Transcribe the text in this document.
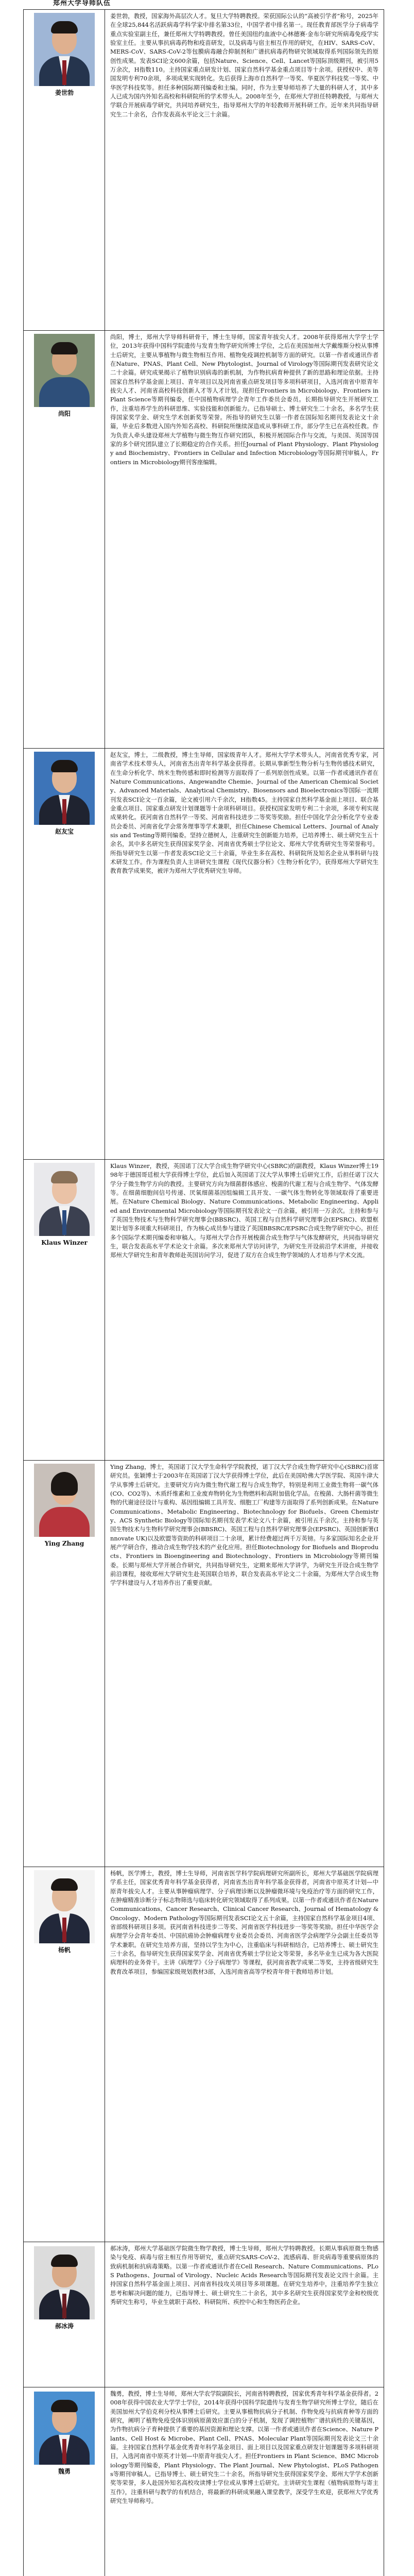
郑州大学导师队伍
姜世勃	姜世勃，教授，国家海外高层次人才。复旦大学特聘教授。荣获国际公认的“高被引学者”称号，2025年在全球25,844名活跃病毒学科学家中排名第33位，中国学者中排名第一。现任教育部医学分子病毒学重点实验室副主任，兼任郑州大学特聘教授。曾任美国纽约血液中心林德赛·金布尔研究所病毒免疫学实验室主任。主要从事抗病毒药物和疫苗研发，以及病毒与宿主相互作用的研究，在HIV、SARS-CoV、MERS-CoV、SARS-CoV-2等包膜病毒融合抑制剂和广谱抗病毒药物研究领域取得系列国际领先的原创性成果。发表SCI论文600余篇，包括Nature、Science、Cell、Lancet等国际顶级期刊，被引用5万余次，H指数110。主持国家重点研发计划、国家自然科学基金重点项目等十余项。获授权中、美等国发明专利70余项，多项成果实现转化。先后获得上海市自然科学一等奖、华夏医学科技奖一等奖、中华医学科技奖等。担任多种国际期刊编委和主编。同时，作为主要导师培养了大量的科研人才，其中多人已成为国内外知名高校和科研院所的学术带头人。2008年至今，在郑州大学担任特聘教授，与郑州大学联合开展病毒学研究，共同培养研究生，指导郑州大学的年轻教师开展科研工作。近年来共同指导研究生二十余名，合作发表高水平论文三十余篇。

尚阳	尚阳，博士，郑州大学导师科研骨干，博士生导师，国家青年拔尖人才。2008年获得郑州大学学士学位，2013年获得中国科学院遗传与发育生物学研究所博士学位，之后在美国加州大学戴维斯分校从事博士后研究，主要从事植物与微生物相互作用、植物免疫调控机制等方面的研究。以第一作者或通讯作者在Nature、PNAS、Plant Cell、New Phytologist、Journal of Virology等国际期刊发表研究论文二十余篇。研究成果揭示了植物识别病毒的新机制，为作物抗病育种提供了新的思路和理论依据。主持国家自然科学基金面上项目、青年项目以及河南省重点研发项目等多项科研项目，入选河南省中原青年拔尖人才、河南省高校科技创新人才等人才计划。现担任Frontiers in Microbiology、Frontiers in Plant Science等期刊编委，任中国植物病理学会青年工作委员会委员。长期指导研究生开展研究工作，注重培养学生的科研思维、实验技能和创新能力。已指导硕士、博士研究生二十余名，多名学生获得国家奖学金、研究生学术创新奖等荣誉。所指导的研究生以第一作者在国际知名期刊发表论文十余篇，毕业后多数进入国内外知名高校、科研院所继续深造或从事科研工作，部分学生已在高校任教。作为负责人牵头建设郑州大学植物与微生物互作研究团队，积极开展国际合作与交流，与美国、英国等国家的多个研究团队建立了长期稳定的合作关系。担任Journal of Plant Physiology、Plant Physiology and Biochemistry、Frontiers in Cellular and Infection Microbiology等国际期刊审稿人，Frontiers in Microbiology期刊客座编辑。

赵友宝	赵友宝，博士，二级教授，博士生导师，国家级青年人才。郑州大学学术带头人，河南省优秀专家，河南省学术技术带头人，河南省杰出青年科学基金获得者。长期从事新型生物分析与生物传感技术研究，在生命分析化学、纳米生物传感和即时检测等方面取得了一系列原创性成果。以第一作者或通讯作者在Nature Communications、Angewandte Chemie、Journal of the American Chemical Society、Advanced Materials、Analytical Chemistry、Biosensors and Bioelectronics等国际一流期刊发表SCI论文一百余篇，论文被引用六千余次，H指数45。主持国家自然科学基金面上项目、联合基金重点项目、国家重点研发计划课题等十余项科研项目。获授权国家发明专利二十余项，多项专利实现成果转化。获河南省自然科学一等奖、河南省科技进步二等奖等奖励。担任中国化学会分析化学专业委员会委员、河南省化学会常务理事等学术兼职，担任Chinese Chemical Letters、Journal of Analysis and Testing等期刊编委。坚持立德树人，注重研究生创新能力培养，已培养博士、硕士研究生五十余名，其中多名研究生获得国家奖学金、河南省优秀硕士学位论文、郑州大学优秀研究生等荣誉称号。所指导研究生以第一作者发表SCI论文三十余篇，毕业生多在高校、科研院所及知名企业从事科研与技术研发工作。作为课程负责人主讲研究生课程《现代仪器分析》《生物分析化学》，获得郑州大学研究生教育教学成果奖，被评为郑州大学优秀研究生导师。

Klaus Winzer	Klaus Winzer，教授，英国诺丁汉大学合成生物学研究中心(SBRC)的副教授，Klaus Winzer博士1998年于德国哥廷根大学获得博士学位，此后加入英国诺丁汉大学从事博士后研究工作，后担任诺丁汉大学分子微生物学方向的教授。主要研究方向为细菌群体感应、梭菌的代谢工程与合成生物学、气体发酵等。在细菌细胞间信号传递、厌氧细菌基因组编辑工具开发、一碳气体生物转化等领域取得了重要进展。在Nature Chemical Biology、Nature Communications、Metabolic Engineering、Applied and Environmental Microbiology等国际期刊发表论文一百余篇，被引用一万余次。主持和参与了英国生物技术与生物科学研究理事会(BBSRC)、英国工程与自然科学研究理事会(EPSRC)、欧盟框架计划等多项重大科研项目，作为核心成员参与建设了英国BBSRC/EPSRC合成生物学研究中心。担任多个国际学术期刊编委和审稿人。与郑州大学合作开展梭菌合成生物学与气体发酵研究，共同指导研究生，联合发表高水平学术论文十余篇。多次来郑州大学访问讲学，为研究生开设前沿学术讲座，并接收郑州大学研究生和青年教师赴英国访问学习，促进了双方在合成生物学领域的人才培养与学术交流。

Ying Zhang	Ying Zhang，博士，英国诺丁汉大学生命科学学院教授，诺丁汉大学合成生物学研究中心(SBRC)首席研究员。张颖博士于2003年在英国诺丁汉大学获得博士学位，此后在美国哈佛大学医学院、英国牛津大学从事博士后研究。主要研究方向为微生物代谢工程与合成生物学，特别是利用工业微生物将一碳气体(CO、CO2等)、木质纤维素和工业废弃物转化为生物燃料和高附加值化学品。在梭菌、大肠杆菌等微生物的代谢途径设计与重构、基因组编辑工具开发、细胞工厂构建等方面取得了系列创新成果。在Nature Communications、Metabolic Engineering、Biotechnology for Biofuels、Green Chemistry、ACS Synthetic Biology等国际知名期刊发表学术论文八十余篇，被引用五千余次。主持和参与英国生物技术与生物科学研究理事会(BBSRC)、英国工程与自然科学研究理事会(EPSRC)、英国创新署(Innovate UK)以及欧盟等资助的科研项目二十余项，累计经费超过两千万英镑。与多家国际知名企业开展产学研合作，推动合成生物学技术的产业化应用。担任Biotechnology for Biofuels and Bioproducts、Frontiers in Bioengineering and Biotechnology、Frontiers in Microbiology等期刊编委。长期与郑州大学开展合作研究，共同指导研究生，定期来郑州大学讲学，为研究生开设合成生物学前沿课程，接收郑州大学研究生赴英国联合培养，联合发表高水平论文二十余篇，为郑州大学合成生物学学科建设与人才培养作出了重要贡献。

杨帆	杨帆，医学博士，教授，博士生导师，河南省医学科学院病理研究所副所长，郑州大学基础医学院病理学系主任，国家优秀青年科学基金获得者，河南省杰出青年科学基金获得者，河南省中原英才计划—中原青年拔尖人才。主要从事肿瘤病理学、分子病理诊断以及肿瘤微环境与免疫治疗等方面的研究工作，在肿瘤精准诊断分子标志物筛选与临床转化研究领域取得了系列成果。以第一作者或通讯作者在Nature Communications、Cancer Research、Clinical Cancer Research、Journal of Hematology & Oncology、Modern Pathology等国际期刊发表SCI论文五十余篇，主持国家自然科学基金项目4项、省部级科研项目多项。获河南省科技进步二等奖、河南省医学科技进步一等奖等奖励。担任中华医学会病理学分会青年委员、中国抗癌协会肿瘤病理专业委员会委员、河南省医学会病理学分会副主任委员等学术兼职。在研究生培养方面，坚持以学生为中心，注重临床与科研相结合，已培养博士、硕士研究生三十余名，指导研究生获得国家奖学金、河南省优秀硕士学位论文等荣誉，多名毕业生已成为各大医院病理科的业务骨干。主讲《病理学》《分子病理学》等课程，获河南省教学成果二等奖，主持省级研究生教育改革项目，参编国家级规划教材3部，入选河南省高等学校青年骨干教师培养计划。

郝冰涛	郝冰涛，郑州大学基础医学院微生物学教授，博士生导师，郑州大学特聘教授。长期从事病原微生物感染与免疫、病毒与宿主相互作用等研究，重点研究SARS-CoV-2、流感病毒、肝炎病毒等重要病原体的致病机制和抗病毒策略。以第一作者或通讯作者在Cell Research、Nature Communications、PLoS Pathogens、Journal of Virology、Nucleic Acids Research等国际期刊发表论文四十余篇。主持国家自然科学基金面上项目、河南省科技攻关项目等多项课题。在研究生培养中，注重培养学生独立思考和解决问题的能力，已指导博士、硕士研究生二十余名，其中多名研究生获得国家奖学金和校级优秀研究生称号，毕业生就职于高校、科研院所、疾控中心和生物医药企业。

魏勇	魏勇，教授，博士生导师，郑州大学农学院副院长，河南省特聘教授，国家优秀青年科学基金获得者。2008年获得中国农业大学学士学位，2014年获得中国科学院遗传与发育生物学研究所博士学位，随后在美国加州大学伯克利分校从事博士后研究。主要从事植物抗病分子机制、作物免疫与抗病育种等方面的研究，阐明了植物免疫受体识别病原菌效应蛋白的分子机制，发现了调控植物广谱抗病性的关键基因，为作物抗病分子育种提供了重要的基因资源和理论支撑。以第一作者或通讯作者在Science、Nature Plants、Cell Host & Microbe、Plant Cell、PNAS、Molecular Plant等国际期刊发表论文三十余篇。主持国家自然科学基金优秀青年科学基金项目、面上项目以及国家重点研发计划课题等多项科研项目，入选河南省中原英才计划—中原青年拔尖人才。担任Frontiers in Plant Science、BMC Microbiology等期刊编委，Plant Physiology、The Plant Journal、New Phytologist、PLoS Pathogens等期刊审稿人。已指导博士、硕士研究生二十余名，所指导研究生获得国家奖学金、郑州大学学术创新奖等荣誉，多人赴国外知名高校攻读博士学位或从事博士后研究。主讲研究生课程《植物病原物与寄主互作》，注重科研与教学的有机结合，将最新的科研成果融入课堂教学，深受学生欢迎，获郑州大学优秀研究生导师称号。
